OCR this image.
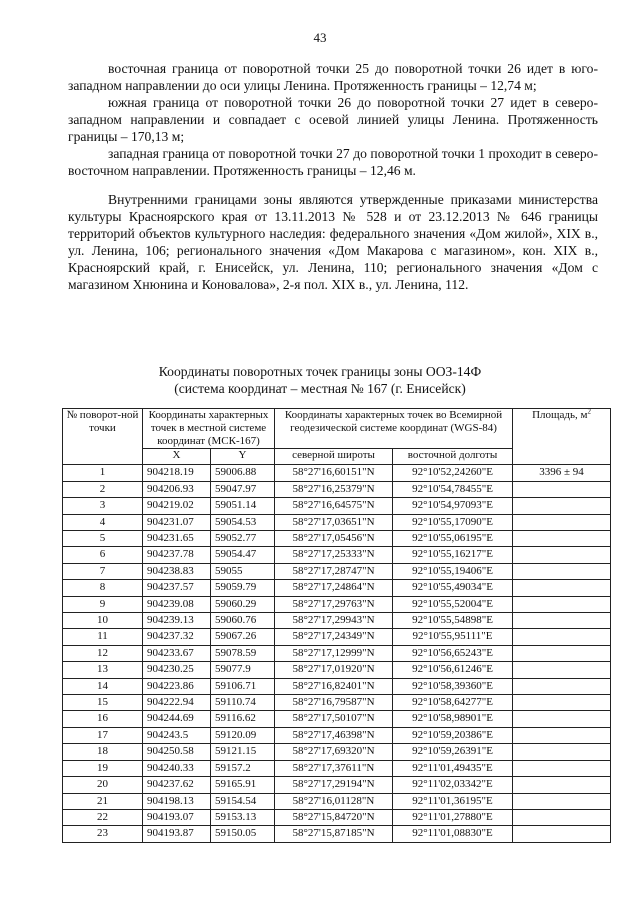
43

восточная граница от поворотной точки 25 до поворотной точки 26 идет в юго-западном направлении до оси улицы Ленина. Протяженность границы – 12,74 м;

южная граница от поворотной точки 26 до поворотной точки 27 идет в северо-западном направлении и совпадает с осевой линией улицы Ленина. Протяженность границы – 170,13 м;

западная граница от поворотной точки 27 до поворотной точки 1 проходит в северо-восточном направлении. Протяженность границы – 12,46 м.

Внутренними границами зоны являются утвержденные приказами министерства культуры Красноярского края от 13.11.2013 № 528 и от 23.12.2013 № 646 границы территорий объектов культурного наследия: федерального значения «Дом жилой», XIX в., ул. Ленина, 106; регионального значения «Дом Макарова с магазином», кон. XIX в., Красноярский край, г. Енисейск, ул. Ленина, 110; регионального значения «Дом с магазином Хнюнина и Коновалова», 2-я пол. XIX в., ул. Ленина, 112.

Координаты поворотных точек границы зоны ООЗ-14Ф
(система координат – местная № 167 (г. Енисейск)
№ поворот-ной точки	Координаты характерных точек в местной системе координат (МСК-167)		Координаты характерных точек во Всемирной геодезической системе координат (WGS-84)		Площадь, $м^2$
	X	Y	северной широты	восточной долготы	
1	904218.19	59006.88	58°27'16,60151"N	92°10'52,24260"E	3396 ± 94
2	904206.93	59047.97	58°27'16,25379"N	92°10'54,78455"E	
3	904219.02	59051.14	58°27'16,64575"N	92°10'54,97093"E	
4	904231.07	59054.53	58°27'17,03651"N	92°10'55,17090"E	
5	904231.65	59052.77	58°27'17,05456"N	92°10'55,06195"E	
6	904237.78	59054.47	58°27'17,25333"N	92°10'55,16217"E	
7	904238.83	59055	58°27'17,28747"N	92°10'55,19406"E	
8	904237.57	59059.79	58°27'17,24864"N	92°10'55,49034"E	
9	904239.08	59060.29	58°27'17,29763"N	92°10'55,52004"E	
10	904239.13	59060.76	58°27'17,29943"N	92°10'55,54898"E	
11	904237.32	59067.26	58°27'17,24349"N	92°10'55,95111"E	
12	904233.67	59078.59	58°27'17,12999"N	92°10'56,65243"E	
13	904230.25	59077.9	58°27'17,01920"N	92°10'56,61246"E	
14	904223.86	59106.71	58°27'16,82401"N	92°10'58,39360"E	
15	904222.94	59110.74	58°27'16,79587"N	92°10'58,64277"E	
16	904244.69	59116.62	58°27'17,50107"N	92°10'58,98901"E	
17	904243.5	59120.09	58°27'17,46398"N	92°10'59,20386"E	
18	904250.58	59121.15	58°27'17,69320"N	92°10'59,26391"E	
19	904240.33	59157.2	58°27'17,37611"N	92°11'01,49435"E	
20	904237.62	59165.91	58°27'17,29194"N	92°11'02,03342"E	
21	904198.13	59154.54	58°27'16,01128"N	92°11'01,36195"E	
22	904193.07	59153.13	58°27'15,84720"N	92°11'01,27880"E	
23	904193.87	59150.05	58°27'15,87185"N	92°11'01,08830"E	
